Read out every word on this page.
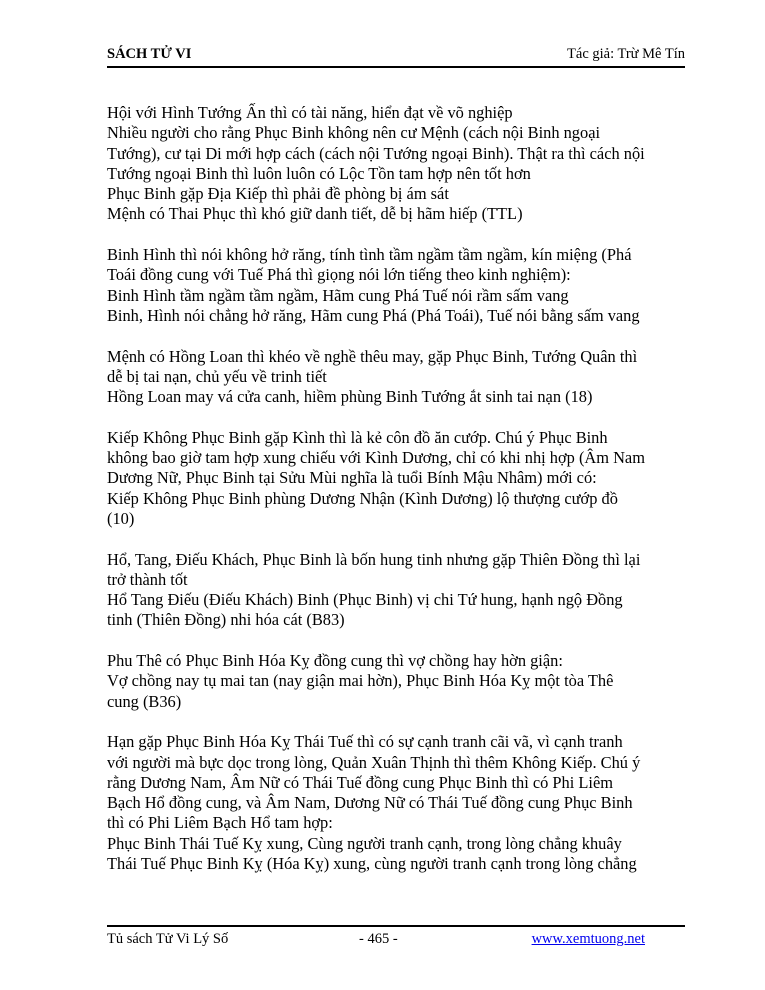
SÁCH TỬ VI	Tác giả: Trừ Mê Tín
Hội với Hình Tướng Ấn thì có tài năng, hiển đạt về võ nghiệp
Nhiều người cho rằng Phục Binh không nên cư Mệnh (cách nội Binh ngoại
Tướng), cư tại Di mới hợp cách (cách nội Tướng ngoại Binh). Thật ra thì cách nội
Tướng ngoại Binh thì luôn luôn có Lộc Tồn tam hợp nên tốt hơn
Phục Binh gặp Địa Kiếp thì phải đề phòng bị ám sát
Mệnh có Thai Phục thì khó giữ danh tiết, dễ bị hãm hiếp (TTL)
Binh Hình thì nói không hở răng, tính tình tầm ngầm tầm ngầm, kín miệng (Phá
Toái đồng cung với Tuế Phá thì giọng nói lớn tiếng theo kinh nghiệm):
Binh Hình tầm ngầm tầm ngầm, Hãm cung Phá Tuế nói rầm sấm vang
Binh, Hình nói chẳng hở răng, Hãm cung Phá (Phá Toái), Tuế nói bằng sấm vang
Mệnh có Hồng Loan thì khéo về nghề thêu may, gặp Phục Binh, Tướng Quân thì
dễ bị tai nạn, chủ yếu về trinh tiết
Hồng Loan may vá cửa canh, hiềm phùng Binh Tướng ắt sinh tai nạn (18)
Kiếp Không Phục Binh gặp Kình thì là kẻ côn đồ ăn cướp. Chú ý Phục Binh
không bao giờ tam hợp xung chiếu với Kình Dương, chỉ có khi nhị hợp (Âm Nam
Dương Nữ, Phục Binh tại Sửu Mùi nghĩa là tuổi Bính Mậu Nhâm) mới có:
Kiếp Không Phục Binh phùng Dương Nhận (Kình Dương) lộ thượng cướp đồ
(10)
Hổ, Tang, Điếu Khách, Phục Binh là bốn hung tinh nhưng gặp Thiên Đồng thì lại
trở thành tốt
Hổ Tang Điếu (Điếu Khách) Binh (Phục Binh) vị chi Tứ hung, hạnh ngộ Đồng
tinh (Thiên Đồng) nhi hóa cát (B83)
Phu Thê có Phục Binh Hóa Kỵ đồng cung thì vợ chồng hay hờn giận:
Vợ chồng nay tụ mai tan (nay giận mai hờn), Phục Binh Hóa Kỵ một tòa Thê
cung (B36)
Hạn gặp Phục Binh Hóa Kỵ Thái Tuế thì có sự cạnh tranh cãi vã, vì cạnh tranh
với người mà bực dọc trong lòng, Quản Xuân Thịnh thì thêm Không Kiếp. Chú ý
rằng Dương Nam, Âm Nữ có Thái Tuế đồng cung Phục Binh thì có Phi Liêm
Bạch Hổ đồng cung, và Âm Nam, Dương Nữ có Thái Tuế đồng cung Phục Binh
thì có Phi Liêm Bạch Hổ tam hợp:
Phục Binh Thái Tuế Kỵ xung, Cùng người tranh cạnh, trong lòng chẳng khuây
Thái Tuế Phục Binh Kỵ (Hóa Kỵ) xung, cùng người tranh cạnh trong lòng chẳng
Tủ sách Tử Vi Lý Số	- 465 -	www.xemtuong.net
